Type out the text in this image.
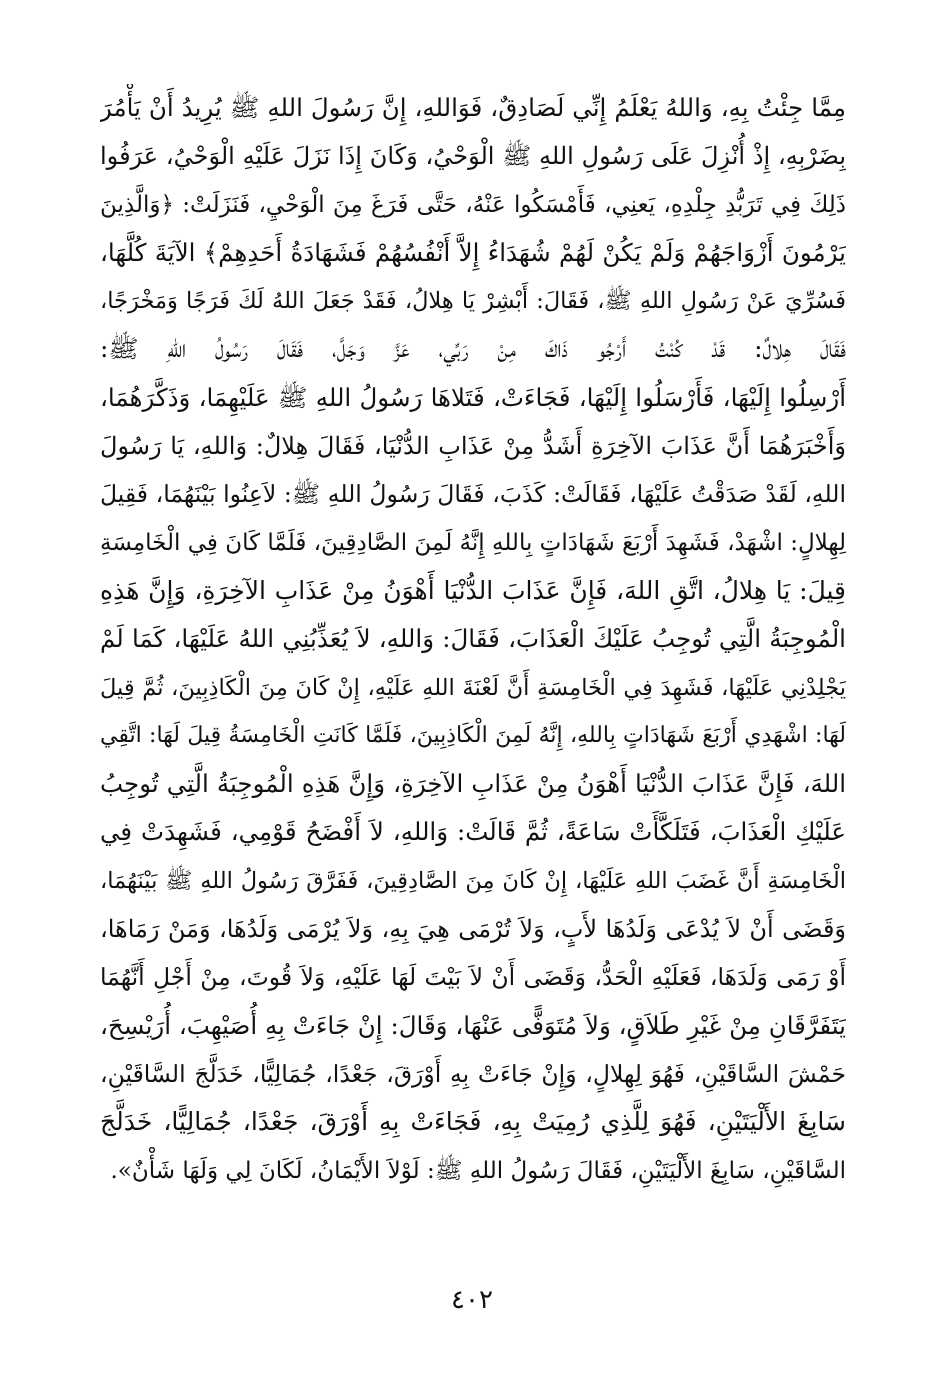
مِمَّا جِئْتُ بِهِ، وَاللهُ يَعْلَمُ إِنِّي لَصَادِقٌ، فَوَاللهِ، إِنَّ رَسُولَ اللهِ ﷺ يُرِيدُ أَنْ يَأْمُرَ
بِضَرْبِهِ، إِذْ أُنْزِلَ عَلَى رَسُولِ اللهِ ﷺ الْوَحْيُ، وَكَانَ إِذَا نَزَلَ عَلَيْهِ الْوَحْيُ، عَرَفُوا
ذَلِكَ فِي تَرَبُّدِ جِلْدِهِ، يَعنِي، فَأَمْسَكُوا عَنْهُ، حَتَّى فَرَغَ مِنَ الْوَحْيِ، فَنَزَلَتْ: ﴿وَالَّذِينَ
يَرْمُونَ أَزْوَاجَهُمْ وَلَمْ يَكُنْ لَهُمْ شُهَدَاءُ إِلاَّ أَنْفُسُهُمْ فَشَهَادَةُ أَحَدِهِمْ﴾ الآيَةَ كُلَّهَا،
فَسُرِّيَ عَنْ رَسُولِ اللهِ ﷺ، فَقَالَ: أَبْشِرْ يَا هِلالُ، فَقَدْ جَعَلَ اللهُ لَكَ فَرَجًا وَمَخْرَجًا،
فَقَالَ هِلالٌ: قَدْ كُنْتُ أَرْجُو ذَاكَ مِنْ رَبِّي، عَزَّ وَجَلَّ، فَقَالَ رَسُولُ اللهِ ﷺ:
أَرْسِلُوا إِلَيْهَا، فَأَرْسَلُوا إِلَيْهَا، فَجَاءَتْ، فَتَلاهَا رَسُولُ اللهِ ﷺ عَلَيْهِمَا، وَذَكَّرَهُمَا،
وَأَخْبَرَهُمَا أَنَّ عَذَابَ الآخِرَةِ أَشَدُّ مِنْ عَذَابِ الدُّنْيَا، فَقَالَ هِلالٌ: وَاللهِ، يَا رَسُولَ
اللهِ، لَقَدْ صَدَقْتُ عَلَيْهَا، فَقَالَتْ: كَذَبَ، فَقَالَ رَسُولُ اللهِ ﷺ: لاَعِنُوا بَيْنَهُمَا، فَقِيلَ
لِهِلالٍ: اشْهَدْ، فَشَهِدَ أَرْبَعَ شَهَادَاتٍ بِاللهِ إِنَّهُ لَمِنَ الصَّادِقِينَ، فَلَمَّا كَانَ فِي الْخَامِسَةِ
قِيلَ: يَا هِلالُ، اتَّقِ اللهَ، فَإِنَّ عَذَابَ الدُّنْيَا أَهْوَنُ مِنْ عَذَابِ الآخِرَةِ، وَإِنَّ هَذِهِ
الْمُوجِبَةُ الَّتِي تُوجِبُ عَلَيْكَ الْعَذَابَ، فَقَالَ: وَاللهِ، لاَ يُعَذِّبُنِي اللهُ عَلَيْهَا، كَمَا لَمْ
يَجْلِدْنِي عَلَيْهَا، فَشَهِدَ فِي الْخَامِسَةِ أَنَّ لَعْنَةَ اللهِ عَلَيْهِ، إِنْ كَانَ مِنَ الْكَاذِبِينَ، ثُمَّ قِيلَ
لَهَا: اشْهَدِي أَرْبَعَ شَهَادَاتٍ بِاللهِ، إِنَّهُ لَمِنَ الْكَاذِبِينَ، فَلَمَّا كَانَتِ الْخَامِسَةُ قِيلَ لَهَا: اتَّقِي
اللهَ، فَإِنَّ عَذَابَ الدُّنْيَا أَهْوَنُ مِنْ عَذَابِ الآخِرَةِ، وَإِنَّ هَذِهِ الْمُوجِبَةُ الَّتِي تُوجِبُ
عَلَيْكِ الْعَذَابَ، فَتَلَكَّأَتْ سَاعَةً، ثُمَّ قَالَتْ: وَاللهِ، لاَ أَفْضَحُ قَوْمِي، فَشَهِدَتْ فِي
الْخَامِسَةِ أَنَّ غَضَبَ اللهِ عَلَيْهَا، إِنْ كَانَ مِنَ الصَّادِقِينَ، فَفَرَّقَ رَسُولُ اللهِ ﷺ بَيْنَهُمَا،
وَقَضَى أَنْ لاَ يُدْعَى وَلَدُهَا لأَبٍ، وَلاَ تُرْمَى هِيَ بِهِ، وَلاَ يُرْمَى وَلَدُهَا، وَمَنْ رَمَاهَا،
أَوْ رَمَى وَلَدَهَا، فَعَلَيْهِ الْحَدُّ، وَقَضَى أَنْ لاَ بَيْتَ لَهَا عَلَيْهِ، وَلاَ قُوتَ، مِنْ أَجْلِ أَنَّهُمَا
يَتَفَرَّقَانِ مِنْ غَيْرِ طَلاَقٍ، وَلاَ مُتَوَفًّى عَنْهَا، وَقَالَ: إِنْ جَاءَتْ بِهِ أُصَيْهِبَ، أُرَيْسِحَ،
حَمْشَ السَّاقَيْنِ، فَهُوَ لِهِلالٍ، وَإِنْ جَاءَتْ بِهِ أَوْرَقَ، جَعْدًا، جُمَالِيًّا، خَدَلَّجَ السَّاقَيْنِ،
سَابِغَ الأَلْيَتَيْنِ، فَهُوَ لِلَّذِي رُمِيَتْ بِهِ، فَجَاءَتْ بِهِ أَوْرَقَ، جَعْدًا، جُمَالِيًّا، خَدَلَّجَ
السَّاقَيْنِ، سَابِغَ الأَلْيَتَيْنِ، فَقَالَ رَسُولُ اللهِ ﷺ: لَوْلاَ الأَيْمَانُ، لَكَانَ لِي وَلَهَا شَأْنٌ».
٤٠٢
